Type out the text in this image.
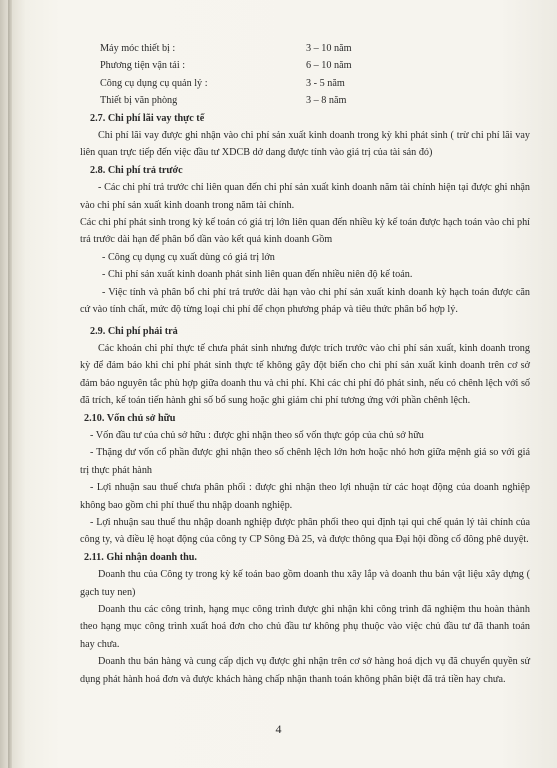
Máy móc thiết bị :	3 – 10 năm
Phương tiện vận tải :	6 – 10 năm
Công cụ dụng cụ quản lý :	3 - 5 năm
Thiết bị văn phòng	3 – 8 năm
2.7. Chi phí lãi vay thực tế

Chi phí lãi vay được ghi nhận vào chi phí sản xuất kinh doanh trong kỳ khi phát sinh ( trừ chi phí lãi vay liên quan trực tiếp đến việc đầu tư XDCB dở dang được tính vào giá trị của tài sản đó)

2.8. Chi phí trả trước

- Các chi phí trả trước chỉ liên quan đến chi phí sản xuất kinh doanh năm tài chính hiện tại được ghi nhận vào chi phí sản xuất kinh doanh trong năm tài chính.

Các chi phí phát sinh trong kỳ kế toán có giá trị lớn liên quan đến nhiều kỳ kế toán được hạch toán vào chi phí trả trước dài hạn để phân bổ dần vào kết quả kinh doanh Gồm

- Công cụ dụng cụ xuất dùng có giá trị lớn

- Chi phí sản xuất kinh doanh phát sinh liên quan đến nhiều niên độ kế toán.

- Việc tính và phân bổ chi phí trả trước dài hạn vào chi phí sản xuất kinh doanh kỳ hạch toán được căn cứ vào tính chất, mức độ từng loại chi phí để chọn phương pháp và tiêu thức phân bổ hợp lý.

2.9. Chi phí phải trả

Các khoản chi phí thực tế chưa phát sinh nhưng được trích trước vào chi phí sản xuất, kinh doanh trong kỳ để đảm bảo khi chi phí phát sinh thực tế không gây đột biến cho chi phí sản xuất kinh doanh trên cơ sở đảm bảo nguyên tắc phù hợp giữa doanh thu và chi phí. Khi các chi phí đó phát sinh, nếu có chênh lệch với số đã trích, kế toán tiến hành ghi số bổ sung hoặc ghi giảm chi phí tương ứng với phần chênh lệch.

2.10. Vốn chủ sở hữu

- Vốn đầu tư của chủ sở hữu : được ghi nhận theo số vốn thực góp của chủ sở hữu

- Thặng dư vốn cổ phần được ghi nhận theo số chênh lệch lớn hơn hoặc nhỏ hơn giữa mệnh giá so với giá trị thực phát hành

- Lợi nhuận sau thuế chưa phân phối : được ghi nhận theo lợi nhuận từ các hoạt động của doanh nghiệp không bao gồm chi phí thuế thu nhập doanh nghiệp.

- Lợi nhuận sau thuế thu nhập doanh nghiệp được phân phối theo qui định tại qui chế quản lý tài chính của công ty, và điều lệ hoạt động của công ty CP Sông Đà 25, và được thông qua Đại hội đồng cổ đông phê duyệt.

2.11. Ghi nhận doanh thu.

Doanh thu của Công ty trong kỳ kế toán bao gồm doanh thu xây lắp và doanh thu bán vật liệu xây dựng ( gạch tuy nen)

Doanh thu các công trình, hạng mục công trình được ghi nhận khi công trình đã nghiệm thu hoàn thành theo hạng mục công trình xuất hoá đơn cho chủ đầu tư không phụ thuộc vào việc chủ đầu tư đã thanh toán hay chưa.

Doanh thu bán hàng và cung cấp dịch vụ được ghi nhận trên cơ sở hàng hoá dịch vụ đã chuyển quyền sử dụng phát hành hoá đơn và được khách hàng chấp nhận thanh toán không phân biệt đã trả tiền hay chưa.

4
